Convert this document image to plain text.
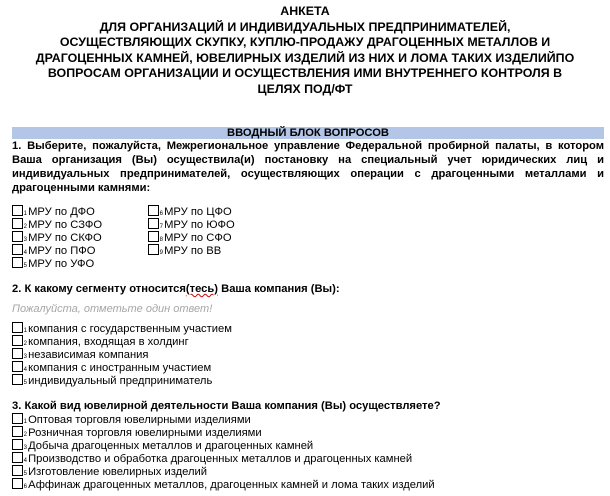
АНКЕТА
ДЛЯ ОРГАНИЗАЦИЙ И ИНДИВИДУАЛЬНЫХ ПРЕДПРИНИМАТЕЛЕЙ,
ОСУЩЕСТВЛЯЮЩИХ СКУПКУ, КУПЛЮ-ПРОДАЖУ ДРАГОЦЕННЫХ МЕТАЛЛОВ И
ДРАГОЦЕННЫХ КАМНЕЙ, ЮВЕЛИРНЫХ ИЗДЕЛИЙ ИЗ НИХ И ЛОМА ТАКИХ ИЗДЕЛИЙПО
ВОПРОСАМ ОРГАНИЗАЦИИ И ОСУЩЕСТВЛЕНИЯ ИМИ ВНУТРЕННЕГО КОНТРОЛЯ В
ЦЕЛЯХ ПОД/ФТ
ВВОДНЫЙ БЛОК ВОПРОСОВ
1. Выберите, пожалуйста, Межрегиональное управление Федеральной пробирной палаты, в котором Ваша организация (Вы) осуществила(и) постановку на специальный учет юридических лиц и индивидуальных предпринимателей, осуществляющих операции с драгоценными металлами и драгоценными камнями:
1 МРУ по ДФО
2 МРУ по СЗФО
3 МРУ по СКФО
4 МРУ по ПФО
5 МРУ по УФО
6 МРУ по ЦФО
7 МРУ по ЮФО
8 МРУ по СФО
9 МРУ по ВВ
2. К какому сегменту относится(тесь) Ваша компания (Вы):
Пожалуйста, отметьте один ответ!
1 компания с государственным участием
2 компания, входящая в холдинг
3 независимая компания
4 компания с иностранным участием
5 индивидуальный предприниматель
3. Какой вид ювелирной деятельности Ваша компания (Вы) осуществляете?
1 Оптовая торговля ювелирными изделиями
2 Розничная торговля ювелирными изделиями
3 Добыча драгоценных металлов и драгоценных камней
4 Производство и обработка драгоценных металлов и драгоценных камней
5 Изготовление ювелирных изделий
6 Аффинаж драгоценных металлов, драгоценных камней и лома таких изделий
